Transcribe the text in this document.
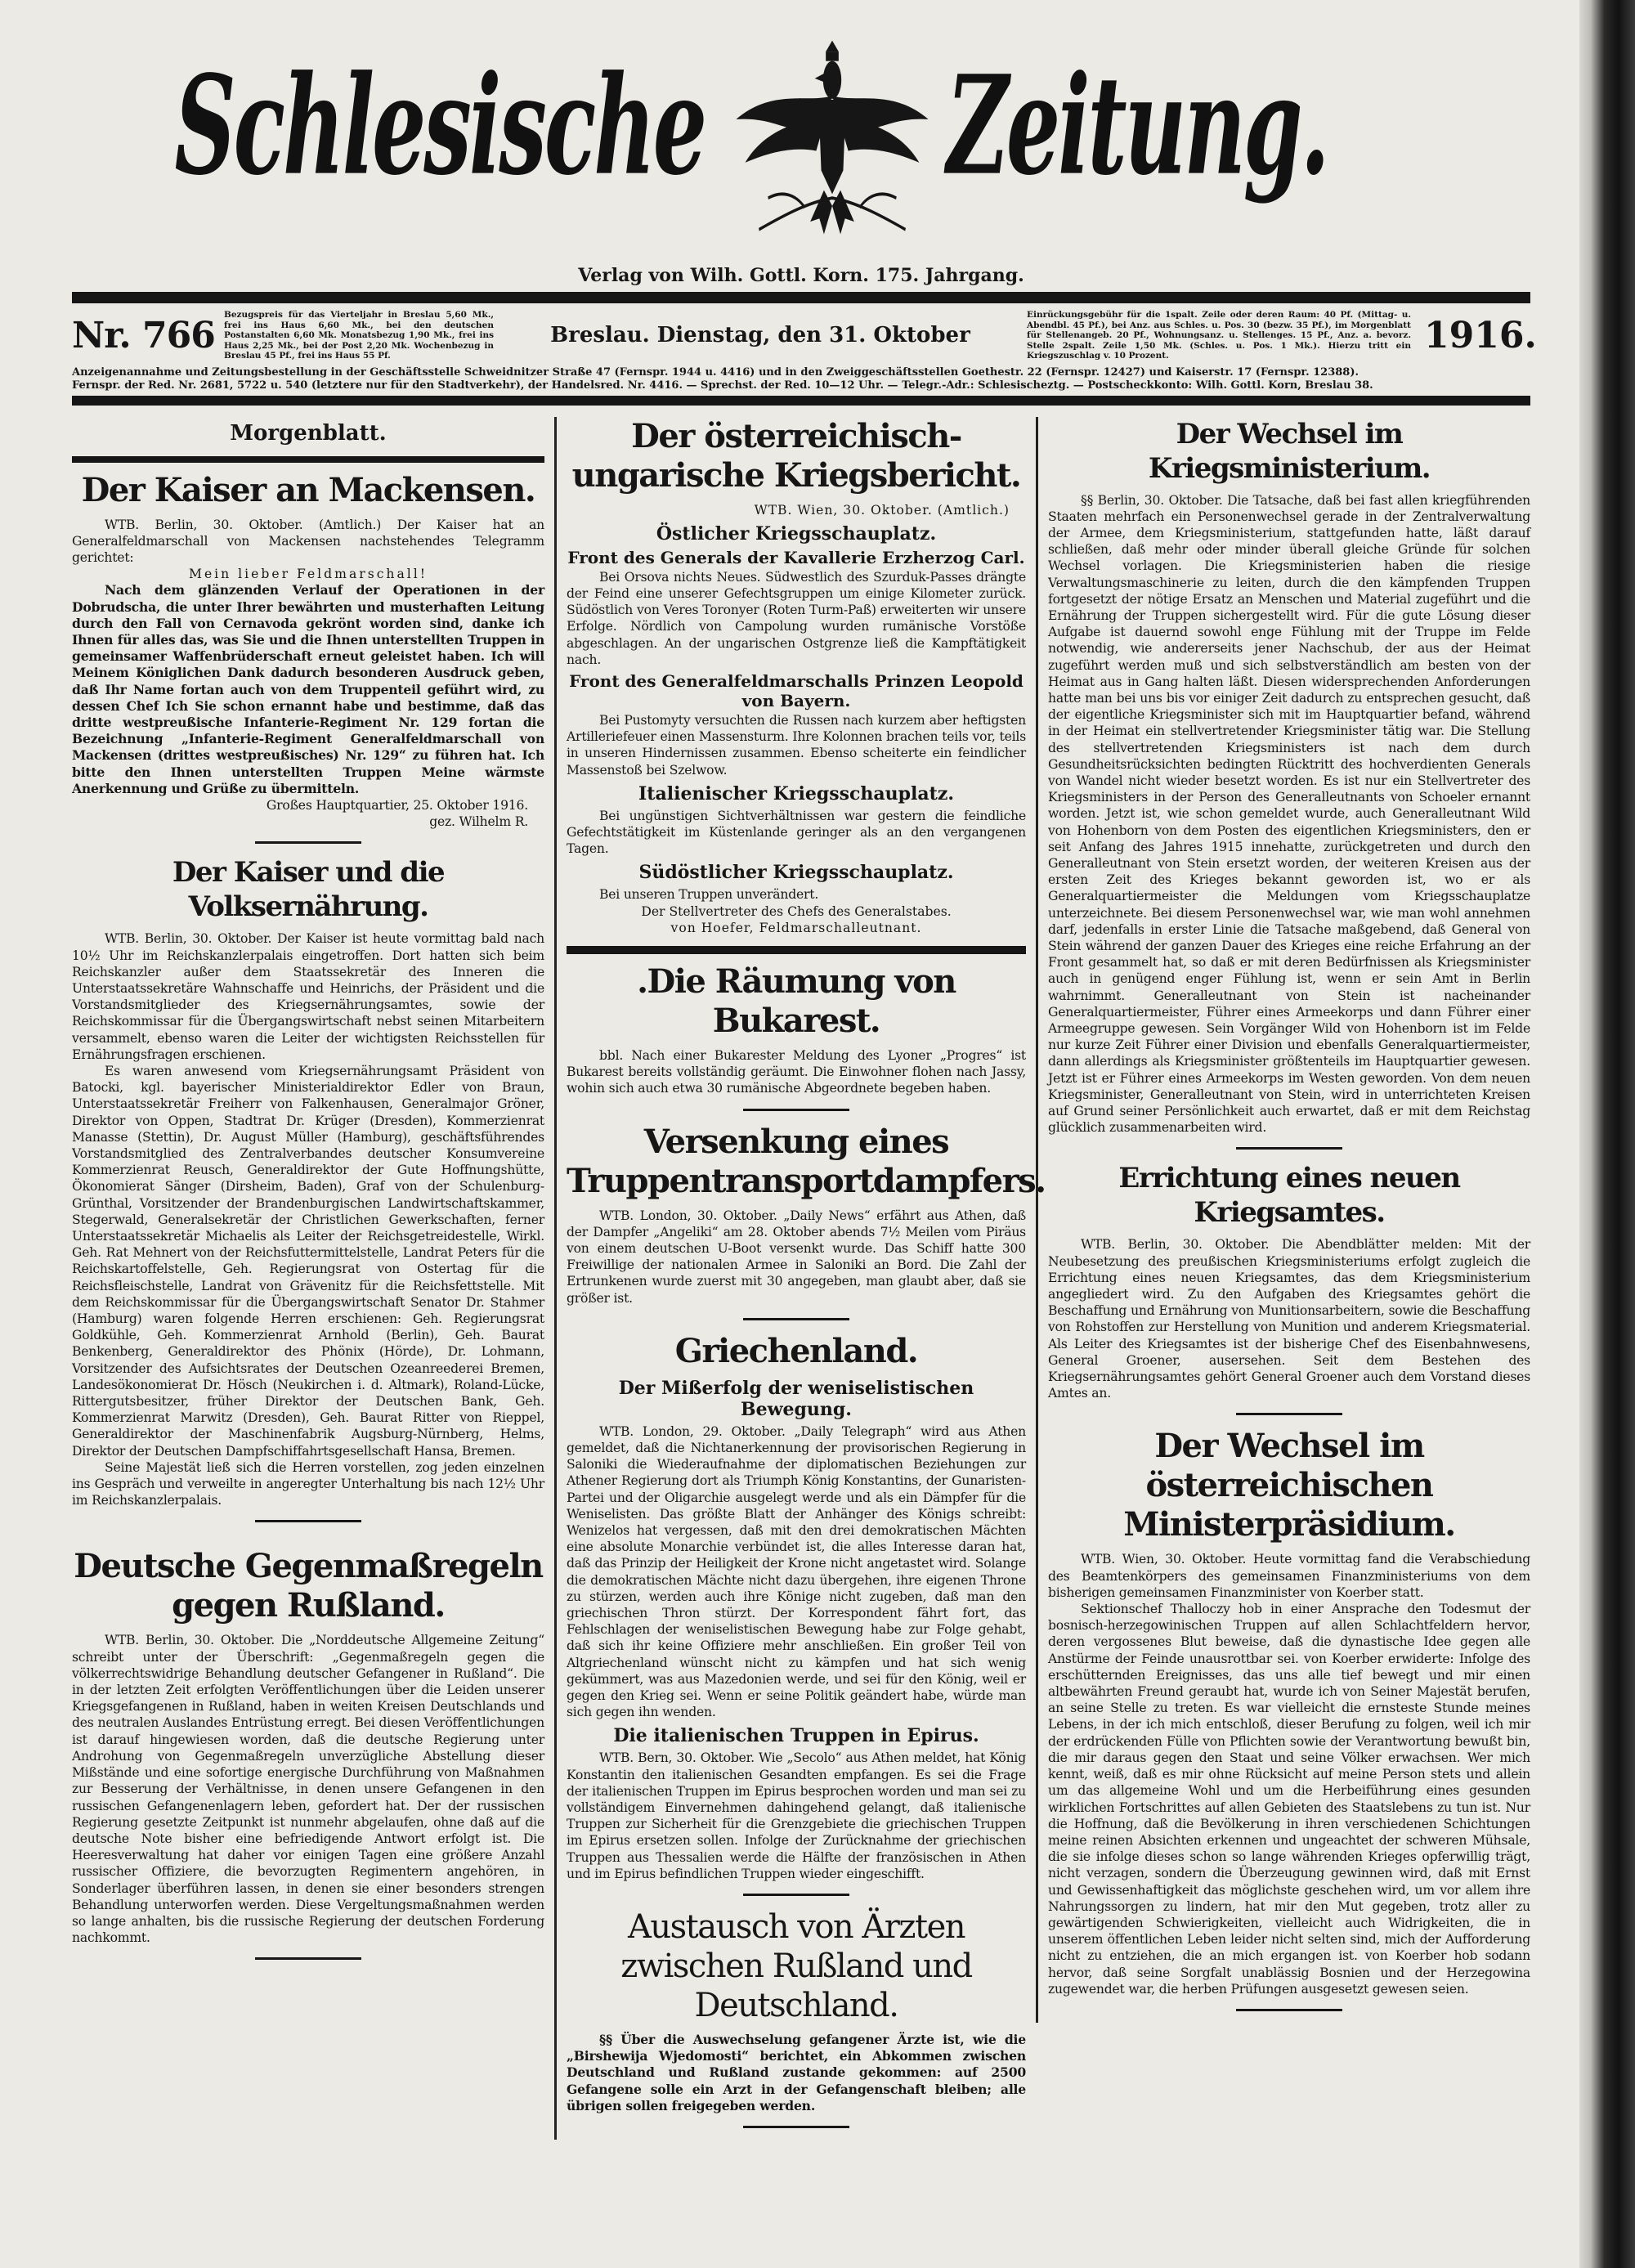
Schlesische	Zeitung.
Verlag von Wilh. Gottl. Korn. 175. Jahrgang.
Nr. 766 Bezugspreis für das Vierteljahr in Breslau 5,60 Mk., frei ins Haus 6,60 Mk., bei den deutschen Postanstalten 6,60 Mk. Monatsbezug 1,90 Mk., frei ins Haus 2,25 Mk., bei der Post 2,20 Mk. Wochenbezug in Breslau 45 Pf., frei ins Haus 55 Pf.
Breslau. Dienstag, den 31. Oktober
Einrückungsgebühr für die 1spalt. Zeile oder deren Raum: 40 Pf. (Mittag- u. Abendbl. 45 Pf.), bei Anz. aus Schles. u. Pos. 30 (bezw. 35 Pf.), im Morgenblatt für Stellenangeb. 20 Pf., Wohnungsanz. u. Stellenges. 15 Pf., Anz. a. bevorz. Stelle 2spalt. Zeile 1,50 Mk. (Schles. u. Pos. 1 Mk.). Hierzu tritt ein Kriegszuschlag v. 10 Prozent.	1916.
Anzeigenannahme und Zeitungsbestellung in der Geschäftsstelle Schweidnitzer Straße 47 (Fernspr. 1944 u. 4416) und in den Zweiggeschäftsstellen Goethestr. 22 (Fernspr. 12427) und Kaiserstr. 17 (Fernspr. 12388).
Fernspr. der Red. Nr. 2681, 5722 u. 540 (letztere nur für den Stadtverkehr), der Handelsred. Nr. 4416. — Sprechst. der Red. 10—12 Uhr. — Telegr.-Adr.: Schlesischeztg. — Postscheckkonto: Wilh. Gottl. Korn, Breslau 38.
Morgenblatt.
Der Kaiser an Mackensen.

WTB. Berlin, 30. Oktober. (Amtlich.) Der Kaiser hat an Generalfeldmarschall von Mackensen nachstehendes Telegramm gerichtet:

Mein lieber Feldmarschall!

Nach dem glänzenden Verlauf der Operationen in der Dobrudscha, die unter Ihrer bewährten und musterhaften Leitung durch den Fall von Cernavoda gekrönt worden sind, danke ich Ihnen für alles das, was Sie und die Ihnen unterstellten Truppen in gemeinsamer Waffenbrüderschaft erneut geleistet haben. Ich will Meinem Königlichen Dank dadurch besonderen Ausdruck geben, daß Ihr Name fortan auch von dem Truppenteil geführt wird, zu dessen Chef Ich Sie schon ernannt habe und bestimme, daß das dritte westpreußische Infanterie-Regiment Nr. 129 fortan die Bezeichnung „Infanterie-Regiment Generalfeldmarschall von Mackensen (drittes westpreußisches) Nr. 129“ zu führen hat. Ich bitte den Ihnen unterstellten Truppen Meine wärmste Anerkennung und Grüße zu übermitteln.

Großes Hauptquartier, 25. Oktober 1916.

gez. Wilhelm R.

Der Kaiser und die Volksernährung.

WTB. Berlin, 30. Oktober. Der Kaiser ist heute vormittag bald nach 10½ Uhr im Reichskanzlerpalais eingetroffen. Dort hatten sich beim Reichskanzler außer dem Staatssekretär des Inneren die Unterstaatssekretäre Wahnschaffe und Heinrichs, der Präsident und die Vorstandsmitglieder des Kriegsernährungsamtes, sowie der Reichskommissar für die Übergangswirtschaft nebst seinen Mitarbeitern versammelt, ebenso waren die Leiter der wichtigsten Reichsstellen für Ernährungsfragen erschienen.

Es waren anwesend vom Kriegsernährungsamt Präsident von Batocki, kgl. bayerischer Ministerialdirektor Edler von Braun, Unterstaatssekretär Freiherr von Falkenhausen, Generalmajor Gröner, Direktor von Oppen, Stadtrat Dr. Krüger (Dresden), Kommerzienrat Manasse (Stettin), Dr. August Müller (Hamburg), geschäftsführendes Vorstandsmitglied des Zentralverbandes deutscher Konsumvereine Kommerzienrat Reusch, Generaldirektor der Gute Hoffnungshütte, Ökonomierat Sänger (Dirsheim, Baden), Graf von der Schulenburg-Grünthal, Vorsitzender der Brandenburgischen Landwirtschaftskammer, Stegerwald, Generalsekretär der Christlichen Gewerkschaften, ferner Unterstaatssekretär Michaelis als Leiter der Reichsgetreidestelle, Wirkl. Geh. Rat Mehnert von der Reichsfuttermittelstelle, Landrat Peters für die Reichskartoffelstelle, Geh. Regierungsrat von Ostertag für die Reichsfleischstelle, Landrat von Grävenitz für die Reichsfettstelle. Mit dem Reichskommissar für die Übergangswirtschaft Senator Dr. Stahmer (Hamburg) waren folgende Herren erschienen: Geh. Regierungsrat Goldkühle, Geh. Kommerzienrat Arnhold (Berlin), Geh. Baurat Benkenberg, Generaldirektor des Phönix (Hörde), Dr. Lohmann, Vorsitzender des Aufsichtsrates der Deutschen Ozeanreederei Bremen, Landesökonomierat Dr. Hösch (Neukirchen i. d. Altmark), Roland-Lücke, Rittergutsbesitzer, früher Direktor der Deutschen Bank, Geh. Kommerzienrat Marwitz (Dresden), Geh. Baurat Ritter von Rieppel, Generaldirektor der Maschinenfabrik Augsburg-Nürnberg, Helms, Direktor der Deutschen Dampfschiffahrtsgesellschaft Hansa, Bremen.

Seine Majestät ließ sich die Herren vorstellen, zog jeden einzelnen ins Gespräch und verweilte in angeregter Unterhaltung bis nach 12½ Uhr im Reichskanzlerpalais.

Deutsche Gegenmaßregeln gegen Rußland.

WTB. Berlin, 30. Oktober. Die „Norddeutsche Allgemeine Zeitung“ schreibt unter der Überschrift: „Gegenmaßregeln gegen die völkerrechtswidrige Behandlung deutscher Gefangener in Rußland“. Die in der letzten Zeit erfolgten Veröffentlichungen über die Leiden unserer Kriegsgefangenen in Rußland, haben in weiten Kreisen Deutschlands und des neutralen Auslandes Entrüstung erregt. Bei diesen Veröffentlichungen ist darauf hingewiesen worden, daß die deutsche Regierung unter Androhung von Gegenmaßregeln unverzügliche Abstellung dieser Mißstände und eine sofortige energische Durchführung von Maßnahmen zur Besserung der Verhältnisse, in denen unsere Gefangenen in den russischen Gefangenenlagern leben, gefordert hat. Der der russischen Regierung gesetzte Zeitpunkt ist nunmehr abgelaufen, ohne daß auf die deutsche Note bisher eine befriedigende Antwort erfolgt ist. Die Heeresverwaltung hat daher vor einigen Tagen eine größere Anzahl russischer Offiziere, die bevorzugten Regimentern angehören, in Sonderlager überführen lassen, in denen sie einer besonders strengen Behandlung unterworfen werden. Diese Vergeltungsmaßnahmen werden so lange anhalten, bis die russische Regierung der deutschen Forderung nachkommt.

Der österreichisch-ungarische Kriegsbericht.

WTB. Wien, 30. Oktober. (Amtlich.)

Östlicher Kriegsschauplatz.
Front des Generals der Kavallerie Erzherzog Carl.

Bei Orsova nichts Neues. Südwestlich des Szurduk-Passes drängte der Feind eine unserer Gefechtsgruppen um einige Kilometer zurück. Südöstlich von Veres Toronyer (Roten Turm-Paß) erweiterten wir unsere Erfolge. Nördlich von Campolung wurden rumänische Vorstöße abgeschlagen. An der ungarischen Ostgrenze ließ die Kampftätigkeit nach.

Front des Generalfeldmarschalls Prinzen Leopold von Bayern.

Bei Pustomyty versuchten die Russen nach kurzem aber heftigsten Artilleriefeuer einen Massensturm. Ihre Kolonnen brachen teils vor, teils in unseren Hindernissen zusammen. Ebenso scheiterte ein feindlicher Massenstoß bei Szelwow.

Italienischer Kriegsschauplatz.

Bei ungünstigen Sichtverhältnissen war gestern die feindliche Gefechtstätigkeit im Küstenlande geringer als an den vergangenen Tagen.

Südöstlicher Kriegsschauplatz.

Bei unseren Truppen unverändert.

Der Stellvertreter des Chefs des Generalstabes.

von Hoefer, Feldmarschalleutnant.

.Die Räumung von Bukarest.

bbl. Nach einer Bukarester Meldung des Lyoner „Progres“ ist Bukarest bereits vollständig geräumt. Die Einwohner flohen nach Jassy, wohin sich auch etwa 30 rumänische Abgeordnete begeben haben.

Versenkung eines Truppentransportdampfers.

WTB. London, 30. Oktober. „Daily News“ erfährt aus Athen, daß der Dampfer „Angeliki“ am 28. Oktober abends 7½ Meilen vom Piräus von einem deutschen U-Boot versenkt wurde. Das Schiff hatte 300 Freiwillige der nationalen Armee in Saloniki an Bord. Die Zahl der Ertrunkenen wurde zuerst mit 30 angegeben, man glaubt aber, daß sie größer ist.

Griechenland.
Der Mißerfolg der weniselistischen Bewegung.

WTB. London, 29. Oktober. „Daily Telegraph“ wird aus Athen gemeldet, daß die Nichtanerkennung der provisorischen Regierung in Saloniki die Wiederaufnahme der diplomatischen Beziehungen zur Athener Regierung dort als Triumph König Konstantins, der Gunaristen-Partei und der Oligarchie ausgelegt werde und als ein Dämpfer für die Weniselisten. Das größte Blatt der Anhänger des Königs schreibt: Wenizelos hat vergessen, daß mit den drei demokratischen Mächten eine absolute Monarchie verbündet ist, die alles Interesse daran hat, daß das Prinzip der Heiligkeit der Krone nicht angetastet wird. Solange die demokratischen Mächte nicht dazu übergehen, ihre eigenen Throne zu stürzen, werden auch ihre Könige nicht zugeben, daß man den griechischen Thron stürzt. Der Korrespondent fährt fort, das Fehlschlagen der weniselistischen Bewegung habe zur Folge gehabt, daß sich ihr keine Offiziere mehr anschließen. Ein großer Teil von Altgriechenland wünscht nicht zu kämpfen und hat sich wenig gekümmert, was aus Mazedonien werde, und sei für den König, weil er gegen den Krieg sei. Wenn er seine Politik geändert habe, würde man sich gegen ihn wenden.

Die italienischen Truppen in Epirus.

WTB. Bern, 30. Oktober. Wie „Secolo“ aus Athen meldet, hat König Konstantin den italienischen Gesandten empfangen. Es sei die Frage der italienischen Truppen im Epirus besprochen worden und man sei zu vollständigem Einvernehmen dahingehend gelangt, daß italienische Truppen zur Sicherheit für die Grenzgebiete die griechischen Truppen im Epirus ersetzen sollen. Infolge der Zurücknahme der griechischen Truppen aus Thessalien werde die Hälfte der französischen in Athen und im Epirus befindlichen Truppen wieder eingeschifft.

Austausch von Ärzten zwischen Rußland und Deutschland.

§§ Über die Auswechselung gefangener Ärzte ist, wie die „Birshewija Wjedomosti“ berichtet, ein Abkommen zwischen Deutschland und Rußland zustande gekommen: auf 2500 Gefangene solle ein Arzt in der Gefangenschaft bleiben; alle übrigen sollen freigegeben werden.

Der Wechsel im Kriegsministerium.

§§ Berlin, 30. Oktober. Die Tatsache, daß bei fast allen kriegführenden Staaten mehrfach ein Personenwechsel gerade in der Zentralverwaltung der Armee, dem Kriegsministerium, stattgefunden hatte, läßt darauf schließen, daß mehr oder minder überall gleiche Gründe für solchen Wechsel vorlagen. Die Kriegsministerien haben die riesige Verwaltungsmaschinerie zu leiten, durch die den kämpfenden Truppen fortgesetzt der nötige Ersatz an Menschen und Material zugeführt und die Ernährung der Truppen sichergestellt wird. Für die gute Lösung dieser Aufgabe ist dauernd sowohl enge Fühlung mit der Truppe im Felde notwendig, wie andererseits jener Nachschub, der aus der Heimat zugeführt werden muß und sich selbstverständlich am besten von der Heimat aus in Gang halten läßt. Diesen widersprechenden Anforderungen hatte man bei uns bis vor einiger Zeit dadurch zu entsprechen gesucht, daß der eigentliche Kriegsminister sich mit im Hauptquartier befand, während in der Heimat ein stellvertretender Kriegsminister tätig war. Die Stellung des stellvertretenden Kriegsministers ist nach dem durch Gesundheitsrücksichten bedingten Rücktritt des hochverdienten Generals von Wandel nicht wieder besetzt worden. Es ist nur ein Stellvertreter des Kriegsministers in der Person des Generalleutnants von Schoeler ernannt worden. Jetzt ist, wie schon gemeldet wurde, auch Generalleutnant Wild von Hohenborn von dem Posten des eigentlichen Kriegsministers, den er seit Anfang des Jahres 1915 innehatte, zurückgetreten und durch den Generalleutnant von Stein ersetzt worden, der weiteren Kreisen aus der ersten Zeit des Krieges bekannt geworden ist, wo er als Generalquartiermeister die Meldungen vom Kriegsschauplatze unterzeichnete. Bei diesem Personenwechsel war, wie man wohl annehmen darf, jedenfalls in erster Linie die Tatsache maßgebend, daß General von Stein während der ganzen Dauer des Krieges eine reiche Erfahrung an der Front gesammelt hat, so daß er mit deren Bedürfnissen als Kriegsminister auch in genügend enger Fühlung ist, wenn er sein Amt in Berlin wahrnimmt. Generalleutnant von Stein ist nacheinander Generalquartiermeister, Führer eines Armeekorps und dann Führer einer Armeegruppe gewesen. Sein Vorgänger Wild von Hohenborn ist im Felde nur kurze Zeit Führer einer Division und ebenfalls Generalquartiermeister, dann allerdings als Kriegsminister größtenteils im Hauptquartier gewesen. Jetzt ist er Führer eines Armeekorps im Westen geworden. Von dem neuen Kriegsminister, Generalleutnant von Stein, wird in unterrichteten Kreisen auf Grund seiner Persönlichkeit auch erwartet, daß er mit dem Reichstag glücklich zusammenarbeiten wird.

Errichtung eines neuen Kriegsamtes.

WTB. Berlin, 30. Oktober. Die Abendblätter melden: Mit der Neubesetzung des preußischen Kriegsministeriums erfolgt zugleich die Errichtung eines neuen Kriegsamtes, das dem Kriegsministerium angegliedert wird. Zu den Aufgaben des Kriegsamtes gehört die Beschaffung und Ernährung von Munitionsarbeitern, sowie die Beschaffung von Rohstoffen zur Herstellung von Munition und anderem Kriegsmaterial. Als Leiter des Kriegsamtes ist der bisherige Chef des Eisenbahnwesens, General Groener, ausersehen. Seit dem Bestehen des Kriegsernährungsamtes gehört General Groener auch dem Vorstand dieses Amtes an.

Der Wechsel im österreichischen Ministerpräsidium.

WTB. Wien, 30. Oktober. Heute vormittag fand die Verabschiedung des Beamtenkörpers des gemeinsamen Finanzministeriums von dem bisherigen gemeinsamen Finanzminister von Koerber statt.

Sektionschef Thalloczy hob in einer Ansprache den Todesmut der bosnisch-herzegowinischen Truppen auf allen Schlachtfeldern hervor, deren vergossenes Blut beweise, daß die dynastische Idee gegen alle Anstürme der Feinde unausrottbar sei. von Koerber erwiderte: Infolge des erschütternden Ereignisses, das uns alle tief bewegt und mir einen altbewährten Freund geraubt hat, wurde ich von Seiner Majestät berufen, an seine Stelle zu treten. Es war vielleicht die ernsteste Stunde meines Lebens, in der ich mich entschloß, dieser Berufung zu folgen, weil ich mir der erdrückenden Fülle von Pflichten sowie der Verantwortung bewußt bin, die mir daraus gegen den Staat und seine Völker erwachsen. Wer mich kennt, weiß, daß es mir ohne Rücksicht auf meine Person stets und allein um das allgemeine Wohl und um die Herbeiführung eines gesunden wirklichen Fortschrittes auf allen Gebieten des Staatslebens zu tun ist. Nur die Hoffnung, daß die Bevölkerung in ihren verschiedenen Schichtungen meine reinen Absichten erkennen und ungeachtet der schweren Mühsale, die sie infolge dieses schon so lange währenden Krieges opferwillig trägt, nicht verzagen, sondern die Überzeugung gewinnen wird, daß mit Ernst und Gewissenhaftigkeit das möglichste geschehen wird, um vor allem ihre Nahrungssorgen zu lindern, hat mir den Mut gegeben, trotz aller zu gewärtigenden Schwierigkeiten, vielleicht auch Widrigkeiten, die in unserem öffentlichen Leben leider nicht selten sind, mich der Aufforderung nicht zu entziehen, die an mich ergangen ist. von Koerber hob sodann hervor, daß seine Sorgfalt unablässig Bosnien und der Herzegowina zugewendet war, die herben Prüfungen ausgesetzt gewesen seien.
